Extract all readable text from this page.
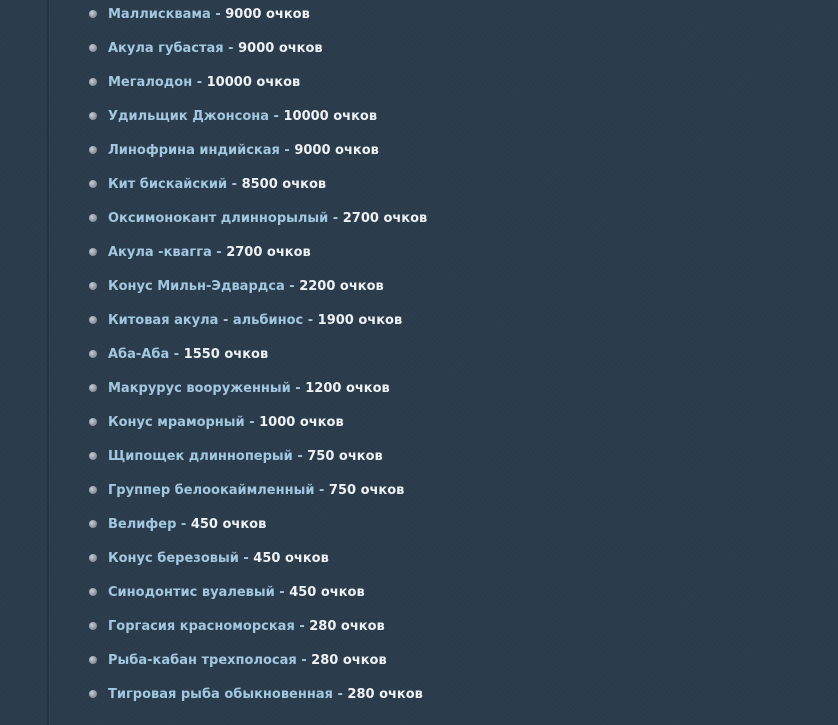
Маллисквама - 9000 очков
Акула губастая - 9000 очков
Мегалодон - 10000 очков
Удильщик Джонсона - 10000 очков
Линофрина индийская - 9000 очков
Кит бискайский - 8500 очков
Оксимонокант длиннорылый - 2700 очков
Акула -квагга - 2700 очков
Конус Мильн-Эдвардса - 2200 очков
Китовая акула - альбинос - 1900 очков
Аба-Аба - 1550 очков
Макрурус вооруженный - 1200 очков
Конус мраморный - 1000 очков
Щипощек длинноперый - 750 очков
Группер белоокаймленный - 750 очков
Велифер - 450 очков
Конус березовый - 450 очков
Синодонтис вуалевый - 450 очков
Горгасия красноморская - 280 очков
Рыба-кабан трехполосая - 280 очков
Тигровая рыба обыкновенная - 280 очков
